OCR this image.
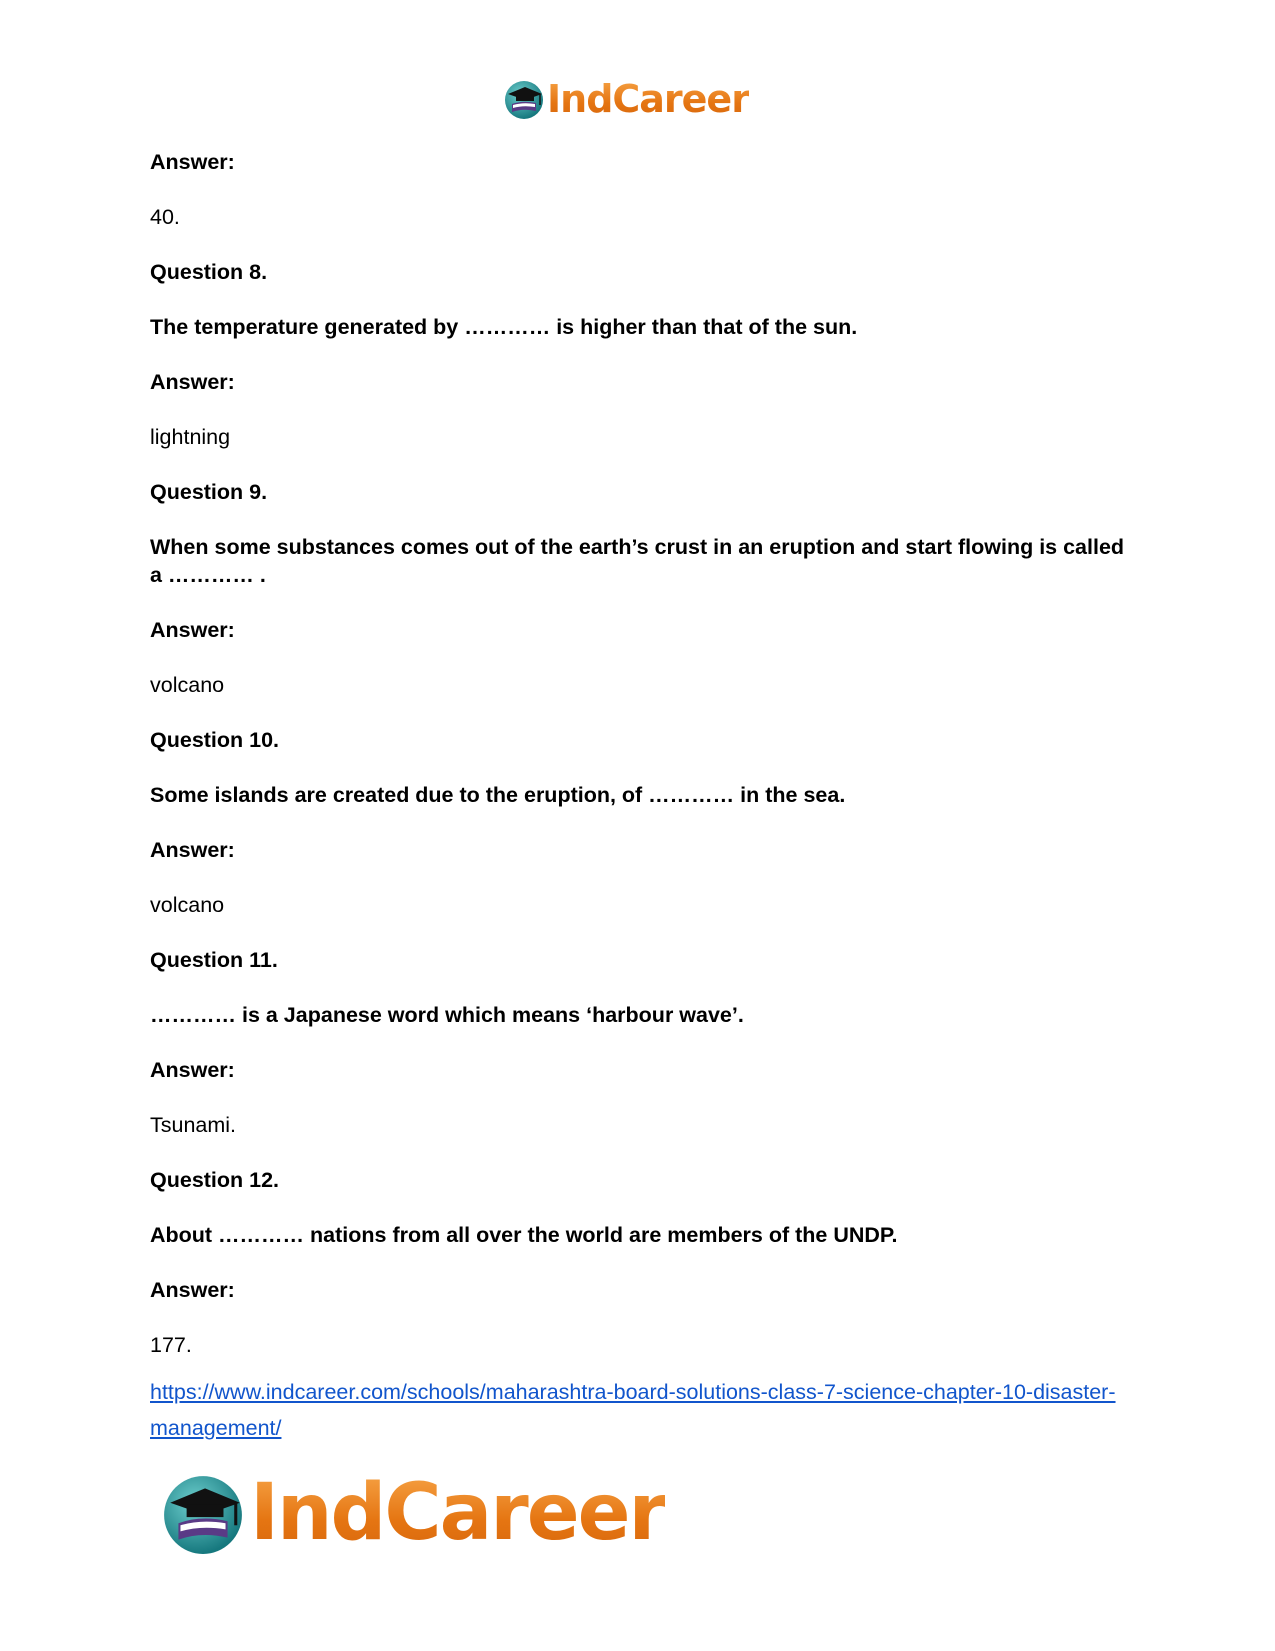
IndCareer
Answer:
40.
Question 8.
The temperature generated by ………… is higher than that of the sun.
Answer:
lightning
Question 9.
When some substances comes out of the earth’s crust in an eruption and start flowing is called a ………… .
Answer:
volcano
Question 10.
Some islands are created due to the eruption, of ………… in the sea.
Answer:
volcano
Question 11.
………… is a Japanese word which means ‘harbour wave’.
Answer:
Tsunami.
Question 12.
About ………… nations from all over the world are members of the UNDP.
Answer:
177.
https://www.indcareer.com/schools/maharashtra-board-solutions-class-7-science-chapter-10-disaster-management/
IndCareer
